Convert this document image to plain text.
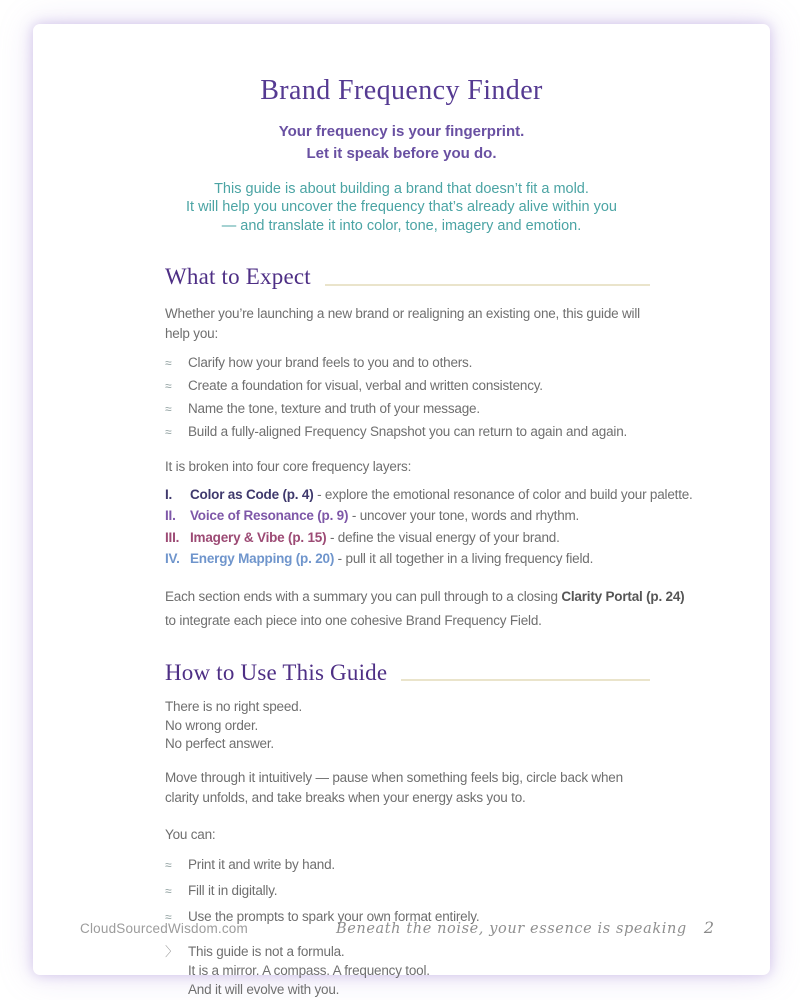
Brand Frequency Finder
Your frequency is your fingerprint.
Let it speak before you do.
This guide is about building a brand that doesn’t fit a mold.
It will help you uncover the frequency that’s already alive within you
— and translate it into color, tone, imagery and emotion.
What to Expect

Whether you’re launching a new brand or realigning an existing one, this guide will help you:

≈	Clarify how your brand feels to you and to others.
≈	Create a foundation for visual, verbal and written consistency.
≈	Name the tone, texture and truth of your message.
≈	Build a fully-aligned Frequency Snapshot you can return to again and again.

It is broken into four core frequency layers:

I.	Color as Code (p. 4) - explore the emotional resonance of color and build your palette.
II.	Voice of Resonance (p. 9) - uncover your tone, words and rhythm.
III. Imagery & Vibe (p. 15) - define the visual energy of your brand.
IV. Energy Mapping (p. 20) - pull it all together in a living frequency field.

Each section ends with a summary you can pull through to a closing Clarity Portal (p. 24)
to integrate each piece into one cohesive Brand Frequency Field.

How to Use This Guide
There is no right speed.
No wrong order.
No perfect answer.

Move through it intuitively — pause when something feels big, circle back when clarity unfolds, and take breaks when your energy asks you to.

You can:

≈	Print it and write by hand.
≈	Fill it in digitally.
≈	Use the prompts to spark your own format entirely.
〉 This guide is not a formula.
It is a mirror. A compass. A frequency tool.
And it will evolve with you.
CloudSourcedWisdom.com	Beneath the noise, your essence is speaking 2
